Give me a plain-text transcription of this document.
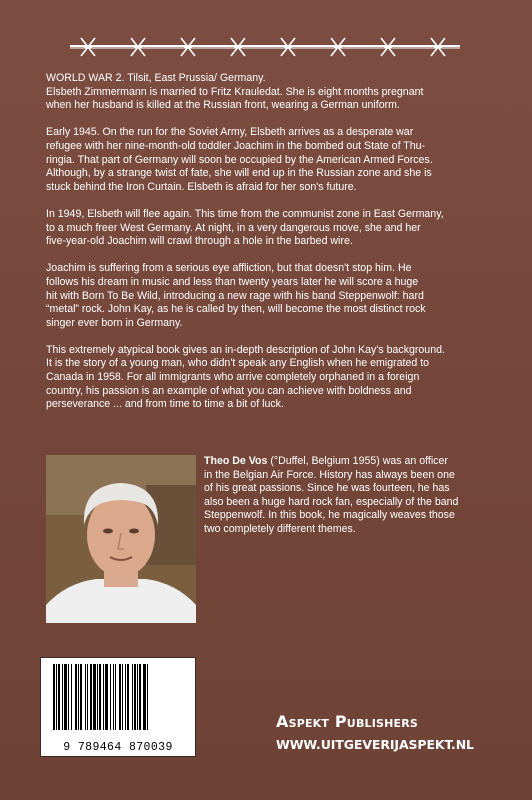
WORLD WAR 2. Tilsit, East Prussia/ Germany.
Elsbeth Zimmermann is married to Fritz Krauledat. She is eight months pregnant
when her husband is killed at the Russian front, wearing a German uniform.

Early 1945. On the run for the Soviet Army, Elsbeth arrives as a desperate war
refugee with her nine-month-old toddler Joachim in the bombed out State of Thu-
ringia. That part of Germany will soon be occupied by the American Armed Forces.
Although, by a strange twist of fate, she will end up in the Russian zone and she is
stuck behind the Iron Curtain. Elsbeth is afraid for her son's future.

In 1949, Elsbeth will flee again. This time from the communist zone in East Germany,
to a much freer West Germany. At night, in a very dangerous move, she and her
five-year-old Joachim will crawl through a hole in the barbed wire.

Joachim is suffering from a serious eye affliction, but that doesn't stop him. He
follows his dream in music and less than twenty years later he will score a huge
hit with Born To Be Wild, introducing a new rage with his band Steppenwolf: hard
“metal” rock. John Kay, as he is called by then, will become the most distinct rock
singer ever born in Germany.

This extremely atypical book gives an in-depth description of John Kay's background.
It is the story of a young man, who didn't speak any English when he emigrated to
Canada in 1958. For all immigrants who arrive completely orphaned in a foreign
country, his passion is an example of what you can achieve with boldness and
perseverance ... and from time to time a bit of luck.

Theo De Vos (°Duffel, Belgium 1955) was an officer
in the Belgian Air Force. History has always been one
of his great passions. Since he was fourteen, he has
also been a huge hard rock fan, especially of the band
Steppenwolf. In this book, he magically weaves those
two completely different themes.
9 789464 870039
Aspekt Publishers
WWW.UITGEVERIJASPEKT.NL
